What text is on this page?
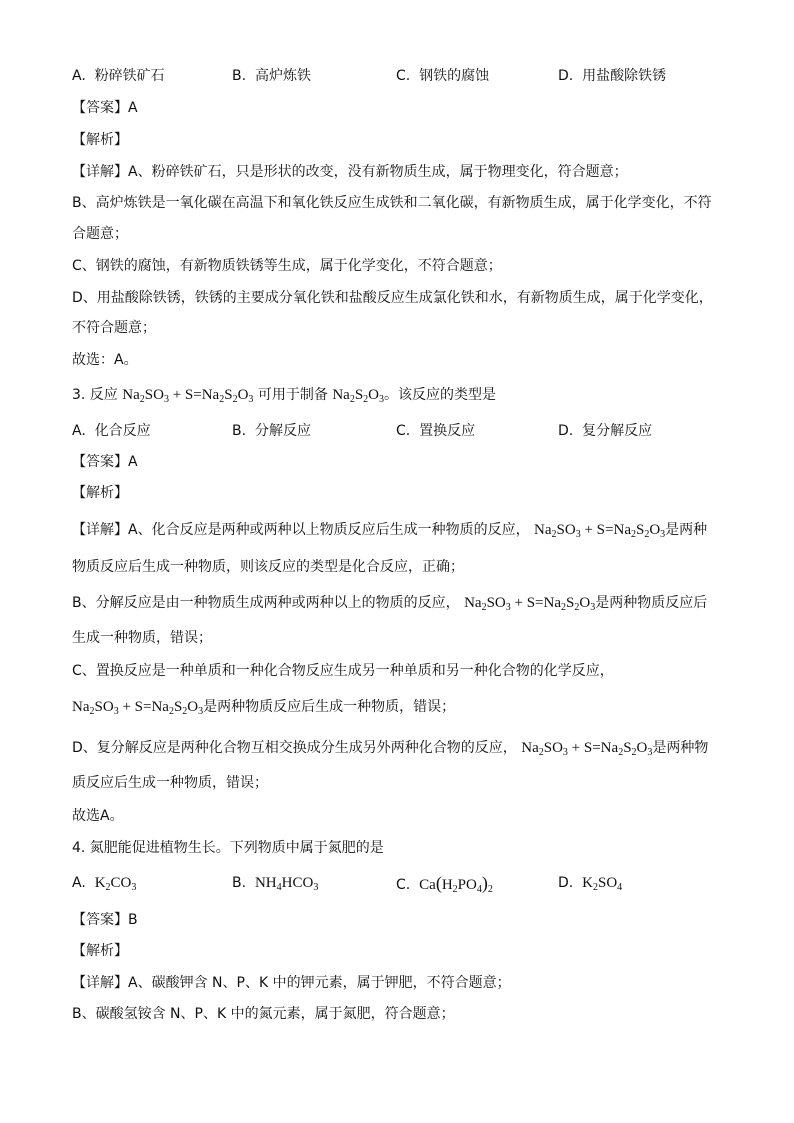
A. 粉碎铁矿石	B. 高炉炼铁	C. 钢铁的腐蚀	D. 用盐酸除铁锈
【答案】A
【解析】
【详解】A、粉碎铁矿石，只是形状的改变，没有新物质生成，属于物理变化，符合题意；
B、高炉炼铁是一氧化碳在高温下和氧化铁反应生成铁和二氧化碳，有新物质生成，属于化学变化，不符
合题意；
C、钢铁的腐蚀，有新物质铁锈等生成，属于化学变化，不符合题意；
D、用盐酸除铁锈，铁锈的主要成分氧化铁和盐酸反应生成氯化铁和水，有新物质生成，属于化学变化，
不符合题意；
故选：A。
3. 反应 $Na_2SO_3 + S=Na_2S_2O_3$ 可用于制备 $Na_2S_2O_3$。该反应的类型是
A. 化合反应	B. 分解反应	C. 置换反应	D. 复分解反应
【答案】A
【解析】
【详解】A、化合反应是两种或两种以上物质反应后生成一种物质的反应， $Na_2SO_3 + S=Na_2S_2O_3$是两种
物质反应后生成一种物质，则该反应的类型是化合反应，正确；
B、分解反应是由一种物质生成两种或两种以上的物质的反应， $Na_2SO_3 + S=Na_2S_2O_3$是两种物质反应后
生成一种物质，错误；
C、置换反应是一种单质和一种化合物反应生成另一种单质和另一种化合物的化学反应，
$Na_2SO_3 + S=Na_2S_2O_3$是两种物质反应后生成一种物质，错误；
D、复分解反应是两种化合物互相交换成分生成另外两种化合物的反应， $Na_2SO_3 + S=Na_2S_2O_3$是两种物
质反应后生成一种物质，错误；
故选A。
4. 氮肥能促进植物生长。下列物质中属于氮肥的是
A. $K_2CO_3$	B. $NH_4HCO_3$	C. $Ca(H_2PO_4)_2$	D. $K_2SO_4$
【答案】B
【解析】
【详解】A、碳酸钾含 N、P、K 中的钾元素，属于钾肥，不符合题意；
B、碳酸氢铵含 N、P、K 中的氮元素，属于氮肥，符合题意；
